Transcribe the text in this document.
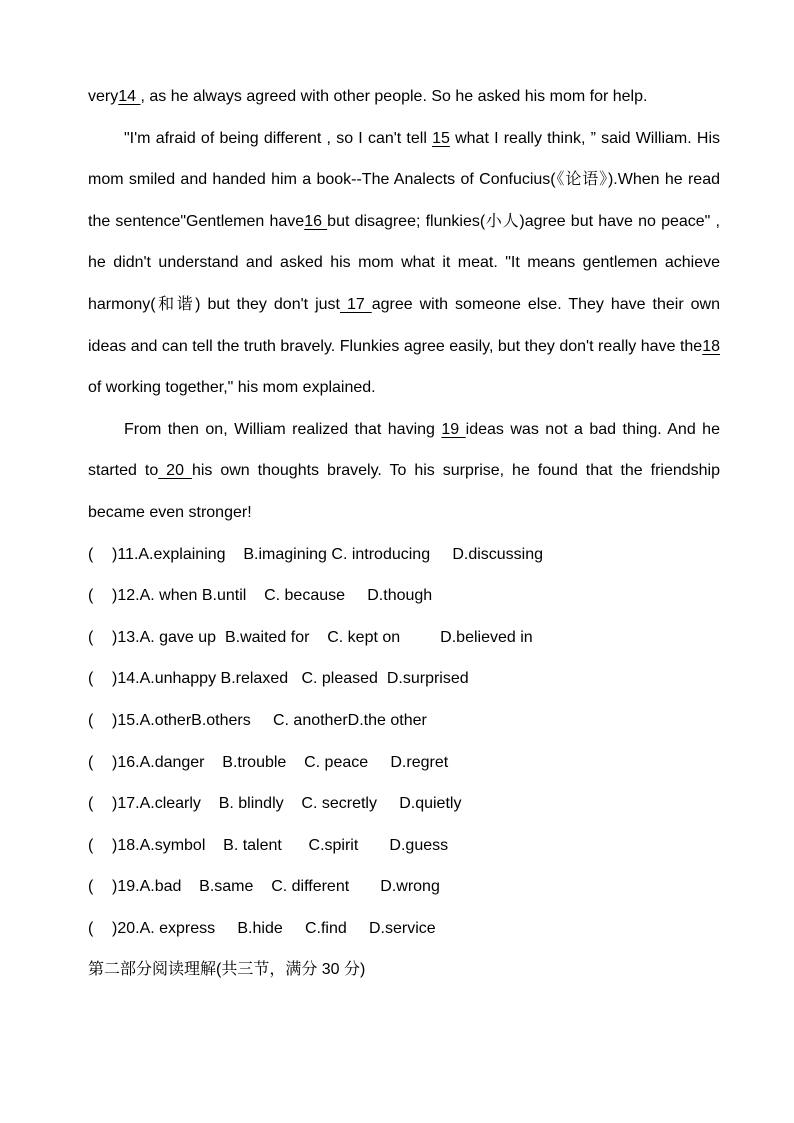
very14 , as he always agreed with other people. So he asked his mom for help.

"I'm afraid of being different , so I can't tell 15 what I really think, ” said William. His mom smiled and handed him a book--The Analects of Confucius(《论语》).When he read the sentence"Gentlemen have16 but disagree; flunkies(小人)agree but have no peace" , he didn't understand and asked his mom what it meat. "It means gentlemen achieve harmony(和谐) but they don't just 17 agree with someone else. They have their own ideas and can tell the truth bravely. Flunkies agree easily, but they don't really have the18 of working together," his mom explained.

From then on, William realized that having 19 ideas was not a bad thing. And he started to 20 his own thoughts bravely. To his surprise, he found that the friendship became even stronger!

( )11.A.explaining    B.imagining C. introducing     D.discussing

( )12.A. when B.until    C. because     D.though

( )13.A. gave up  B.waited for    C. kept on         D.believed in

( )14.A.unhappy B.relaxed   C. pleased  D.surprised

( )15.A.otherB.others     C. anotherD.the other

( )16.A.danger    B.trouble    C. peace     D.regret

( )17.A.clearly    B. blindly    C. secretly     D.quietly

( )18.A.symbol    B. talent      C.spirit       D.guess

( )19.A.bad    B.same    C. different       D.wrong

( )20.A. express     B.hide     C.find     D.service

第二部分阅读理解(共三节，满分 30 分)
